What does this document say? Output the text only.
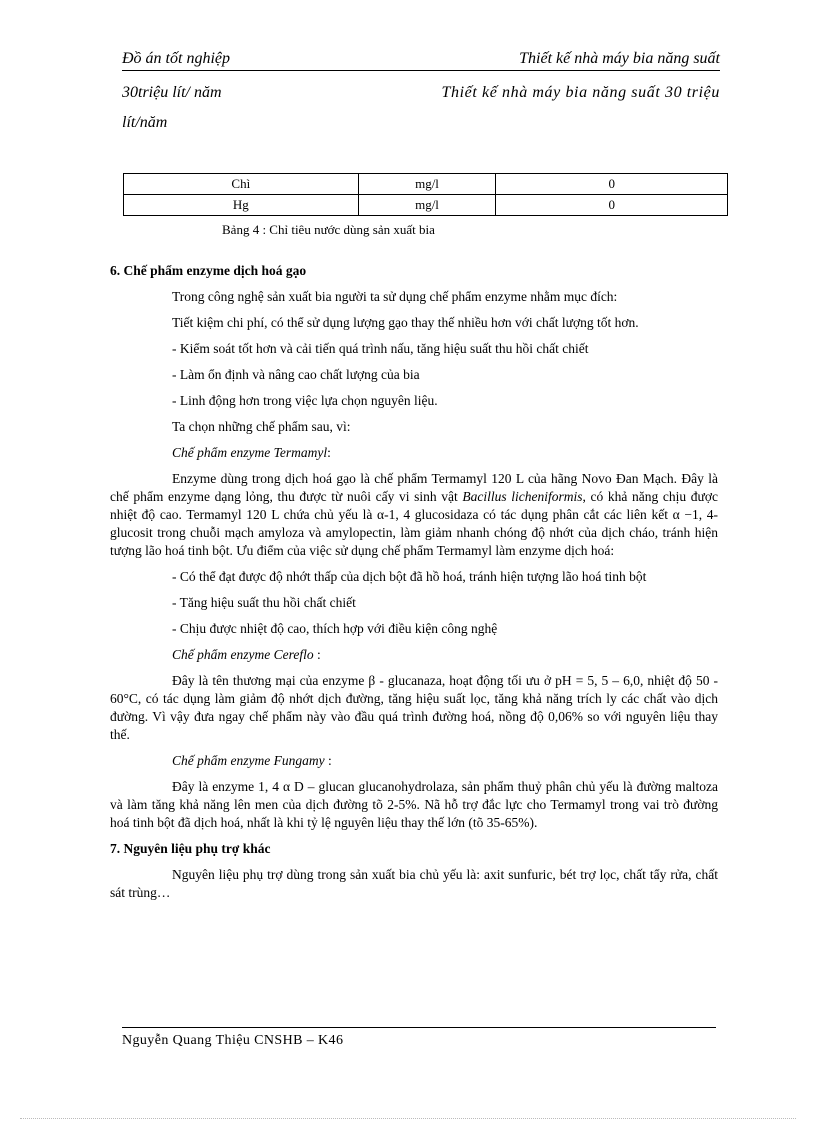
Đồ án tốt nghiệp	Thiết kế nhà máy bia năng suất
30triệu lít/ năm	Thiết kế nhà máy bia năng suất 30 triệu
lít/năm
Chì	mg/l	0
Hg	mg/l	0
Bảng 4 : Chỉ tiêu nước dùng sản xuất bia
6. Chế phẩm enzyme dịch hoá gạo

Trong công nghệ sản xuất bia người ta sử dụng chế phẩm enzyme nhằm mục đích:

Tiết kiệm chi phí, có thể sử dụng lượng gạo thay thế nhiều hơn với chất lượng tốt hơn.

- Kiểm soát tốt hơn và cải tiến quá trình nấu, tăng hiệu suất thu hồi chất chiết

- Làm ổn định và nâng cao chất lượng của bia

- Linh động hơn trong việc lựa chọn nguyên liệu.

Ta chọn những chế phẩm sau, vì:

Chế phẩm enzyme Termamyl:

Enzyme dùng trong dịch hoá gạo là chế phẩm Termamyl 120 L của hãng Novo Đan Mạch. Đây là chế phẩm enzyme dạng lỏng, thu được từ nuôi cấy vi sinh vật Bacillus licheniformis, có khả năng chịu được nhiệt độ cao. Termamyl 120 L chứa chủ yếu là α-1, 4 glucosidaza có tác dụng phân cắt các liên kết α −1, 4-glucosit trong chuỗi mạch amyloza và amylopectin, làm giảm nhanh chóng độ nhớt của dịch cháo, tránh hiện tượng lão hoá tinh bột. Ưu điểm của việc sử dụng chế phẩm Termamyl làm enzyme dịch hoá:

- Có thể đạt được độ nhớt thấp của dịch bột đã hồ hoá, tránh hiện tượng lão hoá tinh bột

- Tăng hiệu suất thu hồi chất chiết

- Chịu được nhiệt độ cao, thích hợp với điều kiện công nghệ

Chế phẩm enzyme Cereflo :

Đây là tên thương mại của enzyme β - glucanaza, hoạt động tối ưu ở pH = 5, 5 – 6,0, nhiệt độ 50 - 60°C, có tác dụng làm giảm độ nhớt dịch đường, tăng hiệu suất lọc, tăng khả năng trích ly các chất vào dịch đường. Vì vậy đưa ngay chế phẩm này vào đầu quá trình đường hoá, nồng độ 0,06% so với nguyên liệu thay thế.

Chế phẩm enzyme Fungamy :

Đây là enzyme 1, 4 α D – glucan glucanohydrolaza, sản phẩm thuỷ phân chủ yếu là đường maltoza và làm tăng khả năng lên men của dịch đường tõ 2-5%. Nã hỗ trợ đắc lực cho Termamyl trong vai trò đường hoá tinh bột đã dịch hoá, nhất là khi tỷ lệ nguyên liệu thay thế lớn (tõ 35-65%).

7. Nguyên liệu phụ trợ khác

Nguyên liệu phụ trợ dùng trong sản xuất bia chủ yếu là: axit sunfuric, bét trợ lọc, chất tẩy rửa, chất sát trùng…

Nguyễn Quang Thiệu CNSHB – K46
